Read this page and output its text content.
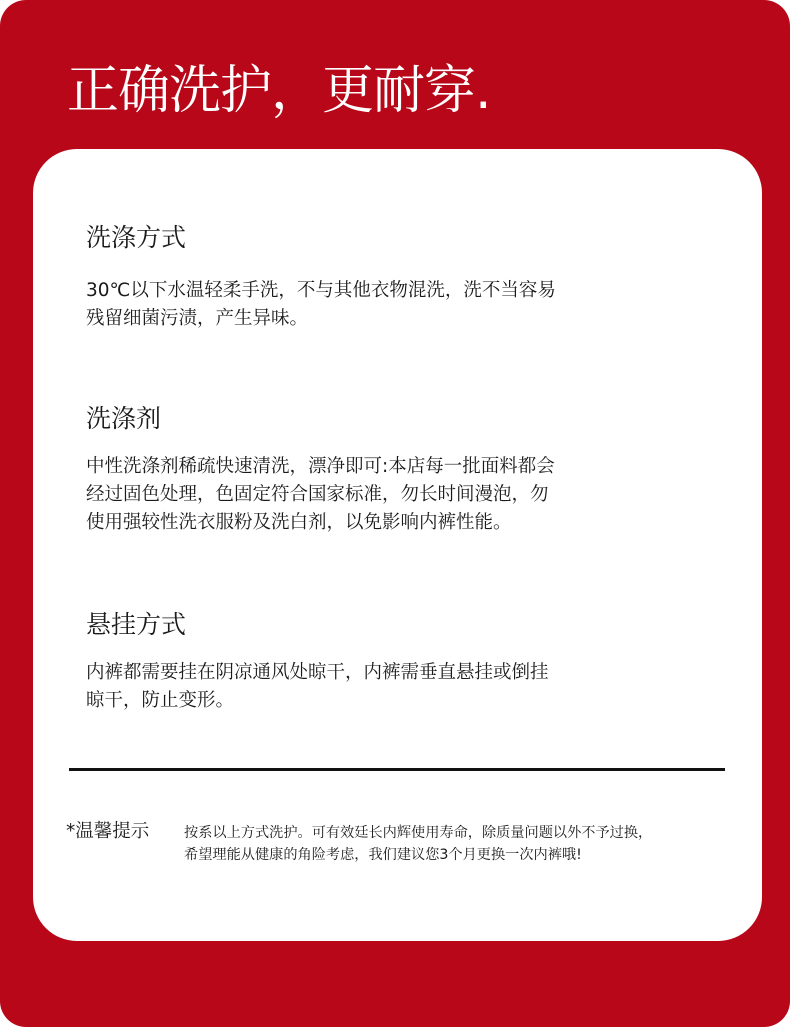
正确洗护，更耐穿.
洗涤方式
30℃以下水温轻柔手洗，不与其他衣物混洗，洗不当容易
残留细菌污渍，产生异味。
洗涤剂
中性洗涤剂稀疏快速清洗，漂净即可:本店每一批面料都会
经过固色处理，色固定符合国家标准，勿长时间漫泡，勿
使用强较性洗衣服粉及洗白剂，以免影响内裤性能。
悬挂方式
内裤都需要挂在阴凉通风处晾干，内裤需垂直悬挂或倒挂
晾干，防止变形。
*温馨提示 按系以上方式洗护。可有效廷长内辉使用寿命，除质量问题以外不予过换，
希望理能从健康的角险考虑，我们建议您3个月更换一次内裤哦!
